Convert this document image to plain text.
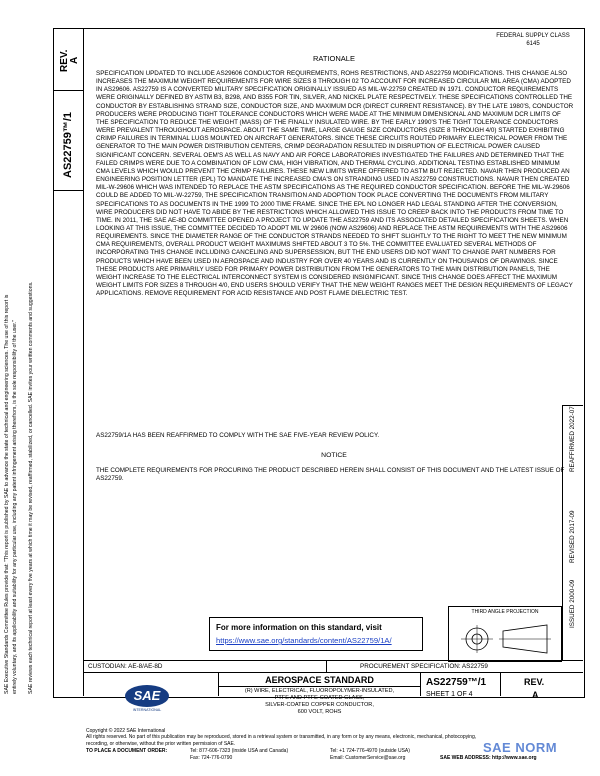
REV. A
AS22759™/1
SAE Executive Standards Committee Rules provide that: "This report is published by SAE to advance the state of technical and engineering sciences. The use of this report is entirely voluntary, and its applicability and suitability for any particular use, including any patent infringement arising therefrom, is the sole responsibility of the user." SAE reviews each technical report at least every five years at which time it may be revised, reaffirmed, stabilized, or cancelled. SAE invites your written comments and suggestions.
FEDERAL SUPPLY CLASS
6145
RATIONALE
SPECIFICATION UPDATED TO INCLUDE AS29606 CONDUCTOR REQUIREMENTS, ROHS RESTRICTIONS, AND AS22759 MODIFICATIONS. THIS CHANGE ALSO INCREASES THE MAXIMUM WEIGHT REQUIREMENTS FOR WIRE SIZES 8 THROUGH 02 TO ACCOUNT FOR INCREASED CIRCULAR MIL AREA (CMA) ADOPTED IN AS29606. AS22759 IS A CONVERTED MILITARY SPECIFICATION ORIGINALLY ISSUED AS MIL-W-22759 CREATED IN 1971. CONDUCTOR REQUIREMENTS WERE ORIGINALLY DEFINED BY ASTM B3, B298, AND B355 FOR TIN, SILVER, AND NICKEL PLATE RESPECTIVELY. THESE SPECIFICATIONS CONTROLLED THE CONDUCTOR BY ESTABLISHING STRAND SIZE, CONDUCTOR SIZE, AND MAXIMUM DCR (DIRECT CURRENT RESISTANCE). BY THE LATE 1980'S, CONDUCTOR PRODUCERS WERE PRODUCING TIGHT TOLERANCE CONDUCTORS WHICH WERE MADE AT THE MINIMUM DIMENSIONAL AND MAXIMUM DCR LIMITS OF THE SPECIFICATION TO REDUCE THE WEIGHT (MASS) OF THE FINALLY INSULATED WIRE. BY THE EARLY 1990'S THE TIGHT TOLERANCE CONDUCTORS WERE PREVALENT THROUGHOUT AEROSPACE. ABOUT THE SAME TIME, LARGE GAUGE SIZE CONDUCTORS (SIZE 8 THROUGH 4/0) STARTED EXHIBITING CRIMP FAILURES IN TERMINAL LUGS MOUNTED ON AIRCRAFT GENERATORS. SINCE THESE CIRCUITS ROUTED PRIMARY ELECTRICAL POWER FROM THE GENERATOR TO THE MAIN POWER DISTRIBUTION CENTERS, CRIMP DEGRADATION RESULTED IN DISRUPTION OF ELECTRICAL POWER CAUSED SIGNIFICANT CONCERN. SEVERAL OEM'S AS WELL AS NAVY AND AIR FORCE LABORATORIES INVESTIGATED THE FAILURES AND DETERMINED THAT THE FAILED CRIMPS WERE DUE TO A COMBINATION OF LOW CMA, HIGH VIBRATION, AND THERMAL CYCLING. ADDITIONAL TESTING ESTABLISHED MINIMUM CMA LEVELS WHICH WOULD PREVENT THE CRIMP FAILURES. THESE NEW LIMITS WERE OFFERED TO ASTM BUT REJECTED. NAVAIR THEN PRODUCED AN ENGINEERING POSITION LETTER (EPL) TO MANDATE THE INCREASED CMA'S ON STRANDING USED IN AS22759 CONSTRUCTIONS. NAVAIR THEN CREATED MIL-W-29606 WHICH WAS INTENDED TO REPLACE THE ASTM SPECIFICATIONS AS THE REQUIRED CONDUCTOR SPECIFICATION. BEFORE THE MIL-W-29606 COULD BE ADDED TO MIL-W-22759, THE SPECIFICATION TRANSITION AND ADOPTION TOOK PLACE CONVERTING THE DOCUMENTS FROM MILITARY SPECIFICATIONS TO AS DOCUMENTS IN THE 1999 TO 2000 TIME FRAME. SINCE THE EPL NO LONGER HAD LEGAL STANDING AFTER THE CONVERSION, WIRE PRODUCERS DID NOT HAVE TO ABIDE BY THE RESTRICTIONS WHICH ALLOWED THIS ISSUE TO CREEP BACK INTO THE PRODUCTS FROM TIME TO TIME. IN 2011, THE SAE AE-8D COMMITTEE OPENED A PROJECT TO UPDATE THE AS22759 AND ITS ASSOCIATED DETAILED SPECIFICATION SHEETS. WHEN LOOKING AT THIS ISSUE, THE COMMITTEE DECIDED TO ADOPT MIL W 29606 (NOW AS29606) AND REPLACE THE ASTM REQUIREMENTS WITH THE AS29606 REQUIREMENTS. SINCE THE DIAMETER RANGE OF THE CONDUCTOR STRANDS NEEDED TO SHIFT SLIGHTLY TO THE RIGHT TO MEET THE NEW MINIMUM CMA REQUIREMENTS, OVERALL PRODUCT WEIGHT MAXIMUMS SHIFTED ABOUT 3 TO 5%. THE COMMITTEE EVALUATED SEVERAL METHODS OF INCORPORATING THIS CHANGE INCLUDING CANCELING AND SUPERSESSION, BUT THE END USERS DID NOT WANT TO CHANGE PART NUMBERS FOR PRODUCTS WHICH HAVE BEEN USED IN AEROSPACE AND INDUSTRY FOR OVER 40 YEARS AND IS CURRENTLY ON THOUSANDS OF DRAWINGS. SINCE THESE PRODUCTS ARE PRIMARILY USED FOR PRIMARY POWER DISTRIBUTION FROM THE GENERATORS TO THE MAIN DISTRIBUTION PANELS, THE WEIGHT INCREASE TO THE ELECTRICAL INTERCONNECT SYSTEM IS CONSIDERED INSIGNIFICANT. SINCE THIS CHANGE DOES AFFECT THE MAXIMUM WEIGHT LIMITS FOR SIZES 8 THROUGH 4/0, END USERS SHOULD VERIFY THAT THE NEW WEIGHT RANGES MEET THE DESIGN REQUIREMENTS OF LEGACY APPLICATIONS. REMOVE REQUIREMENT FOR ACID RESISTANCE AND POST FLAME DIELECTRIC TEST.
AS22759/1A HAS BEEN REAFFIRMED TO COMPLY WITH THE SAE FIVE-YEAR REVIEW POLICY.
NOTICE
THE COMPLETE REQUIREMENTS FOR PROCURING THE PRODUCT DESCRIBED HEREIN SHALL CONSIST OF THIS DOCUMENT AND THE LATEST ISSUE OF AS22759.
ISSUED 2000-09
REVISED 2017-09
REAFFIRMED 2022-07
THIRD ANGLE PROJECTION
For more information on this standard, visit
https://www.sae.org/standards/content/AS22759/1A/
CUSTODIAN: AE-8/AE-8D	PROCUREMENT SPECIFICATION: AS22759
SAE
INTERNATIONAL
AEROSPACE STANDARD
(R) WIRE, ELECTRICAL, FLUOROPOLYMER-INSULATED,
PTFE AND PTFE-COATED GLASS,
SILVER-COATED COPPER CONDUCTOR,
600 VOLT, ROHS
AS22759™/1
SHEET 1 OF 4
REV.
A
Copyright © 2022 SAE International
All rights reserved. No part of this publication may be reproduced, stored in a retrieval system or transmitted, in any form or by any means, electronic, mechanical, photocopying,
recording, or otherwise, without the prior written permission of SAE.
TO PLACE A DOCUMENT ORDER:	Tel: 877-606-7323 (inside USA and Canada)
Fax: 724-776-0790
Tel: +1 724-776-4970 (outside USA)
Email: CustomerService@sae.org	SAE WEB ADDRESS: http://www.sae.org
SAE NORM
